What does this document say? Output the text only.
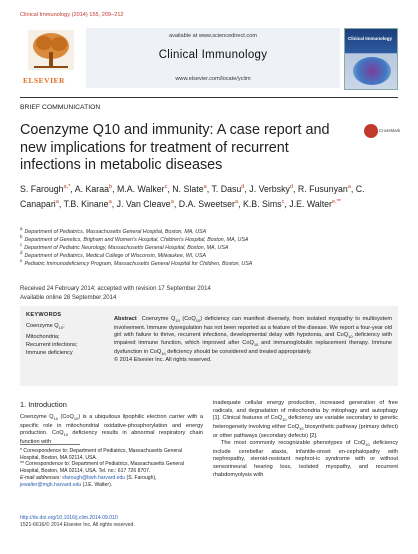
Clinical Immunology (2014) 155, 209–212
ELSEVIER
available at www.sciencedirect.com
Clinical Immunology
www.elsevier.com/locate/yclim
Clinical Immunology
BRIEF COMMUNICATION
Coenzyme Q10 and immunity: A case report and new implications for treatment of recurrent infections in metabolic diseases
CrossMark
S. Farough$^{a,*}$, A. Karaa$^b$, M.A. Walker$^c$, N. Slate$^a$, T. Dasu$^d$, J. Verbsky$^d$, R. Fusunyan$^a$, C. Canapari$^a$, T.B. Kinane$^a$, J. Van Cleave$^a$, D.A. Sweetser$^a$, K.B. Sims$^c$, J.E. Walter$^{e,**}$
$^a$Department of Pediatrics, Massachusetts General Hospital, Boston, MA, USA
$^b$Department of Genetics, Brigham and Women's Hospital, Children's Hospital, Boston, MA, USA
$^c$Department of Pediatric Neurology, Massachusetts General Hospital, Boston, MA, USA
$^d$Department of Pediatrics, Medical College of Wisconsin, Milwaukee, WI, USA
$^e$Pediatric Immunodeficiency Program, Massachusetts General Hospital for Children, Boston, USA
Received 24 February 2014; accepted with revision 17 September 2014
Available online 28 September 2014
KEYWORDS
Coenzyme $Q_{10}$;
Mitochondria;
Recurrent infections;
Immune deficiency
Abstract Coenzyme $Q_{10}$ (CoQ$_{10}$) deficiency can manifest diversely, from isolated myopathy to multisystem involvement. Immune dysregulation has not been reported as a feature of the disease. We report a four-year old girl with failure to thrive, recurrent infections, developmental delay with hypotonia, and CoQ$_{10}$ deficiency with impaired immune function, which improved after CoQ$_{10}$ and immunoglobulin replacement therapy. Immune dysfunction in CoQ$_{10}$ deficiency should be considered and treated appropriately.
© 2014 Elsevier Inc. All rights reserved.
1. Introduction
Coenzyme $Q_{10}$ (CoQ$_{10}$) is a ubiquitous lipophilic electron carrier with a specific role in mitochondrial oxidative-phosphorylation and energy production. CoQ$_{10}$ deficiency results in abnormal respiratory chain function with
* Correspondence to: Department of Pediatrics, Massachusetts General Hospital, Boston, MA 02114, USA.
** Correspondence to: Department of Pediatrics, Massachusetts General Hospital, Boston, MA 02114, USA. Tel. no.: 617 726 8707.
E-mail addresses: sfarough@bwh.harvard.edu (S. Farough), jewalter@mgh.harvard.edu (J.E. Walter).

inadequate cellular energy production, increased generation of free radicals, and degradation of mitochondria by mitophagy and autophagy [1]. Clinical features of CoQ$_{10}$ deficiency are variable secondary to genetic heterogeneity involving either CoQ$_{10}$ biosynthetic pathway (primary defect) or other pathways (secondary defects) [2].

The most commonly recognizable phenotypes of CoQ$_{10}$ deficiency include cerebellar ataxia, infantile-onset en-cephalopathy with nephropathy, steroid-resistant nephrot-ic syndrome with or without sensorineural hearing loss, isolated myopathy, and recurrent rhabdomyolysis with

http://dx.doi.org/10.1016/j.clim.2014.09.010
1521-6616/© 2014 Elsevier Inc. All rights reserved.
